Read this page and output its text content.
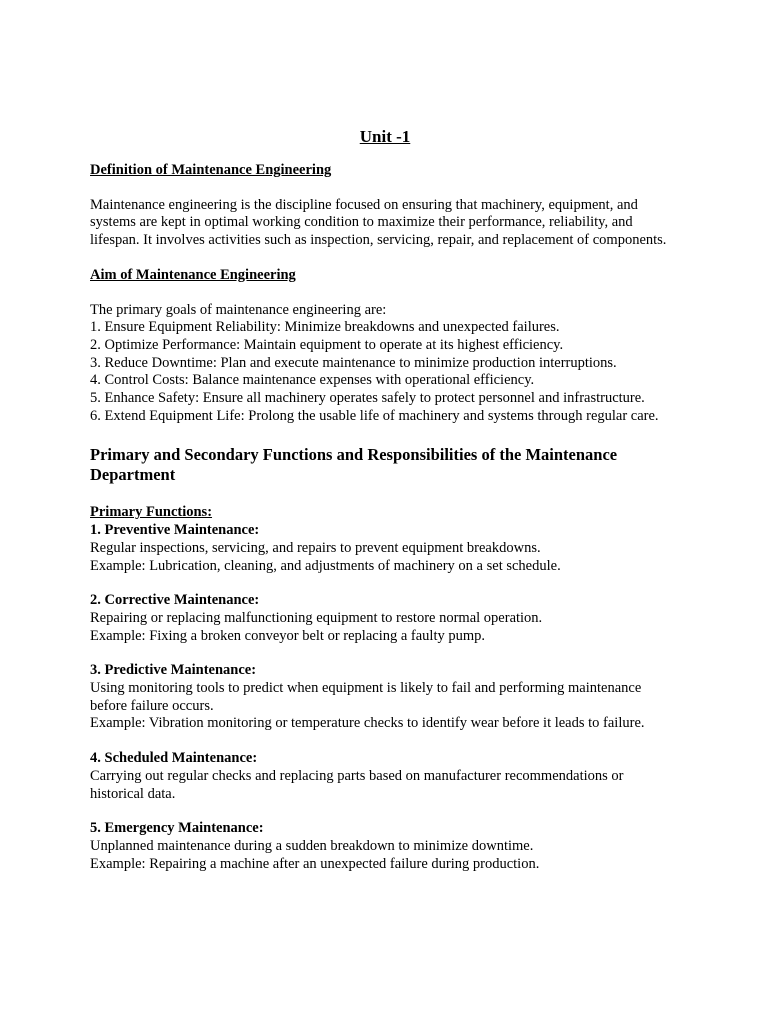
Unit -1
Definition of Maintenance Engineering

Maintenance engineering is the discipline focused on ensuring that machinery, equipment, and systems are kept in optimal working condition to maximize their performance, reliability, and lifespan. It involves activities such as inspection, servicing, repair, and replacement of components.

Aim of Maintenance Engineering
The primary goals of maintenance engineering are:
1. Ensure Equipment Reliability: Minimize breakdowns and unexpected failures.
2. Optimize Performance: Maintain equipment to operate at its highest efficiency.
3. Reduce Downtime: Plan and execute maintenance to minimize production interruptions.
4. Control Costs: Balance maintenance expenses with operational efficiency.
5. Enhance Safety: Ensure all machinery operates safely to protect personnel and infrastructure.
6. Extend Equipment Life: Prolong the usable life of machinery and systems through regular care.
Primary and Secondary Functions and Responsibilities of the Maintenance Department
Primary Functions:
1. Preventive Maintenance:
Regular inspections, servicing, and repairs to prevent equipment breakdowns.
Example: Lubrication, cleaning, and adjustments of machinery on a set schedule.
2. Corrective Maintenance:
Repairing or replacing malfunctioning equipment to restore normal operation.
Example: Fixing a broken conveyor belt or replacing a faulty pump.
3. Predictive Maintenance:
Using monitoring tools to predict when equipment is likely to fail and performing maintenance before failure occurs.
Example: Vibration monitoring or temperature checks to identify wear before it leads to failure.
4. Scheduled Maintenance:
Carrying out regular checks and replacing parts based on manufacturer recommendations or historical data.
5. Emergency Maintenance:
Unplanned maintenance during a sudden breakdown to minimize downtime.
Example: Repairing a machine after an unexpected failure during production.
